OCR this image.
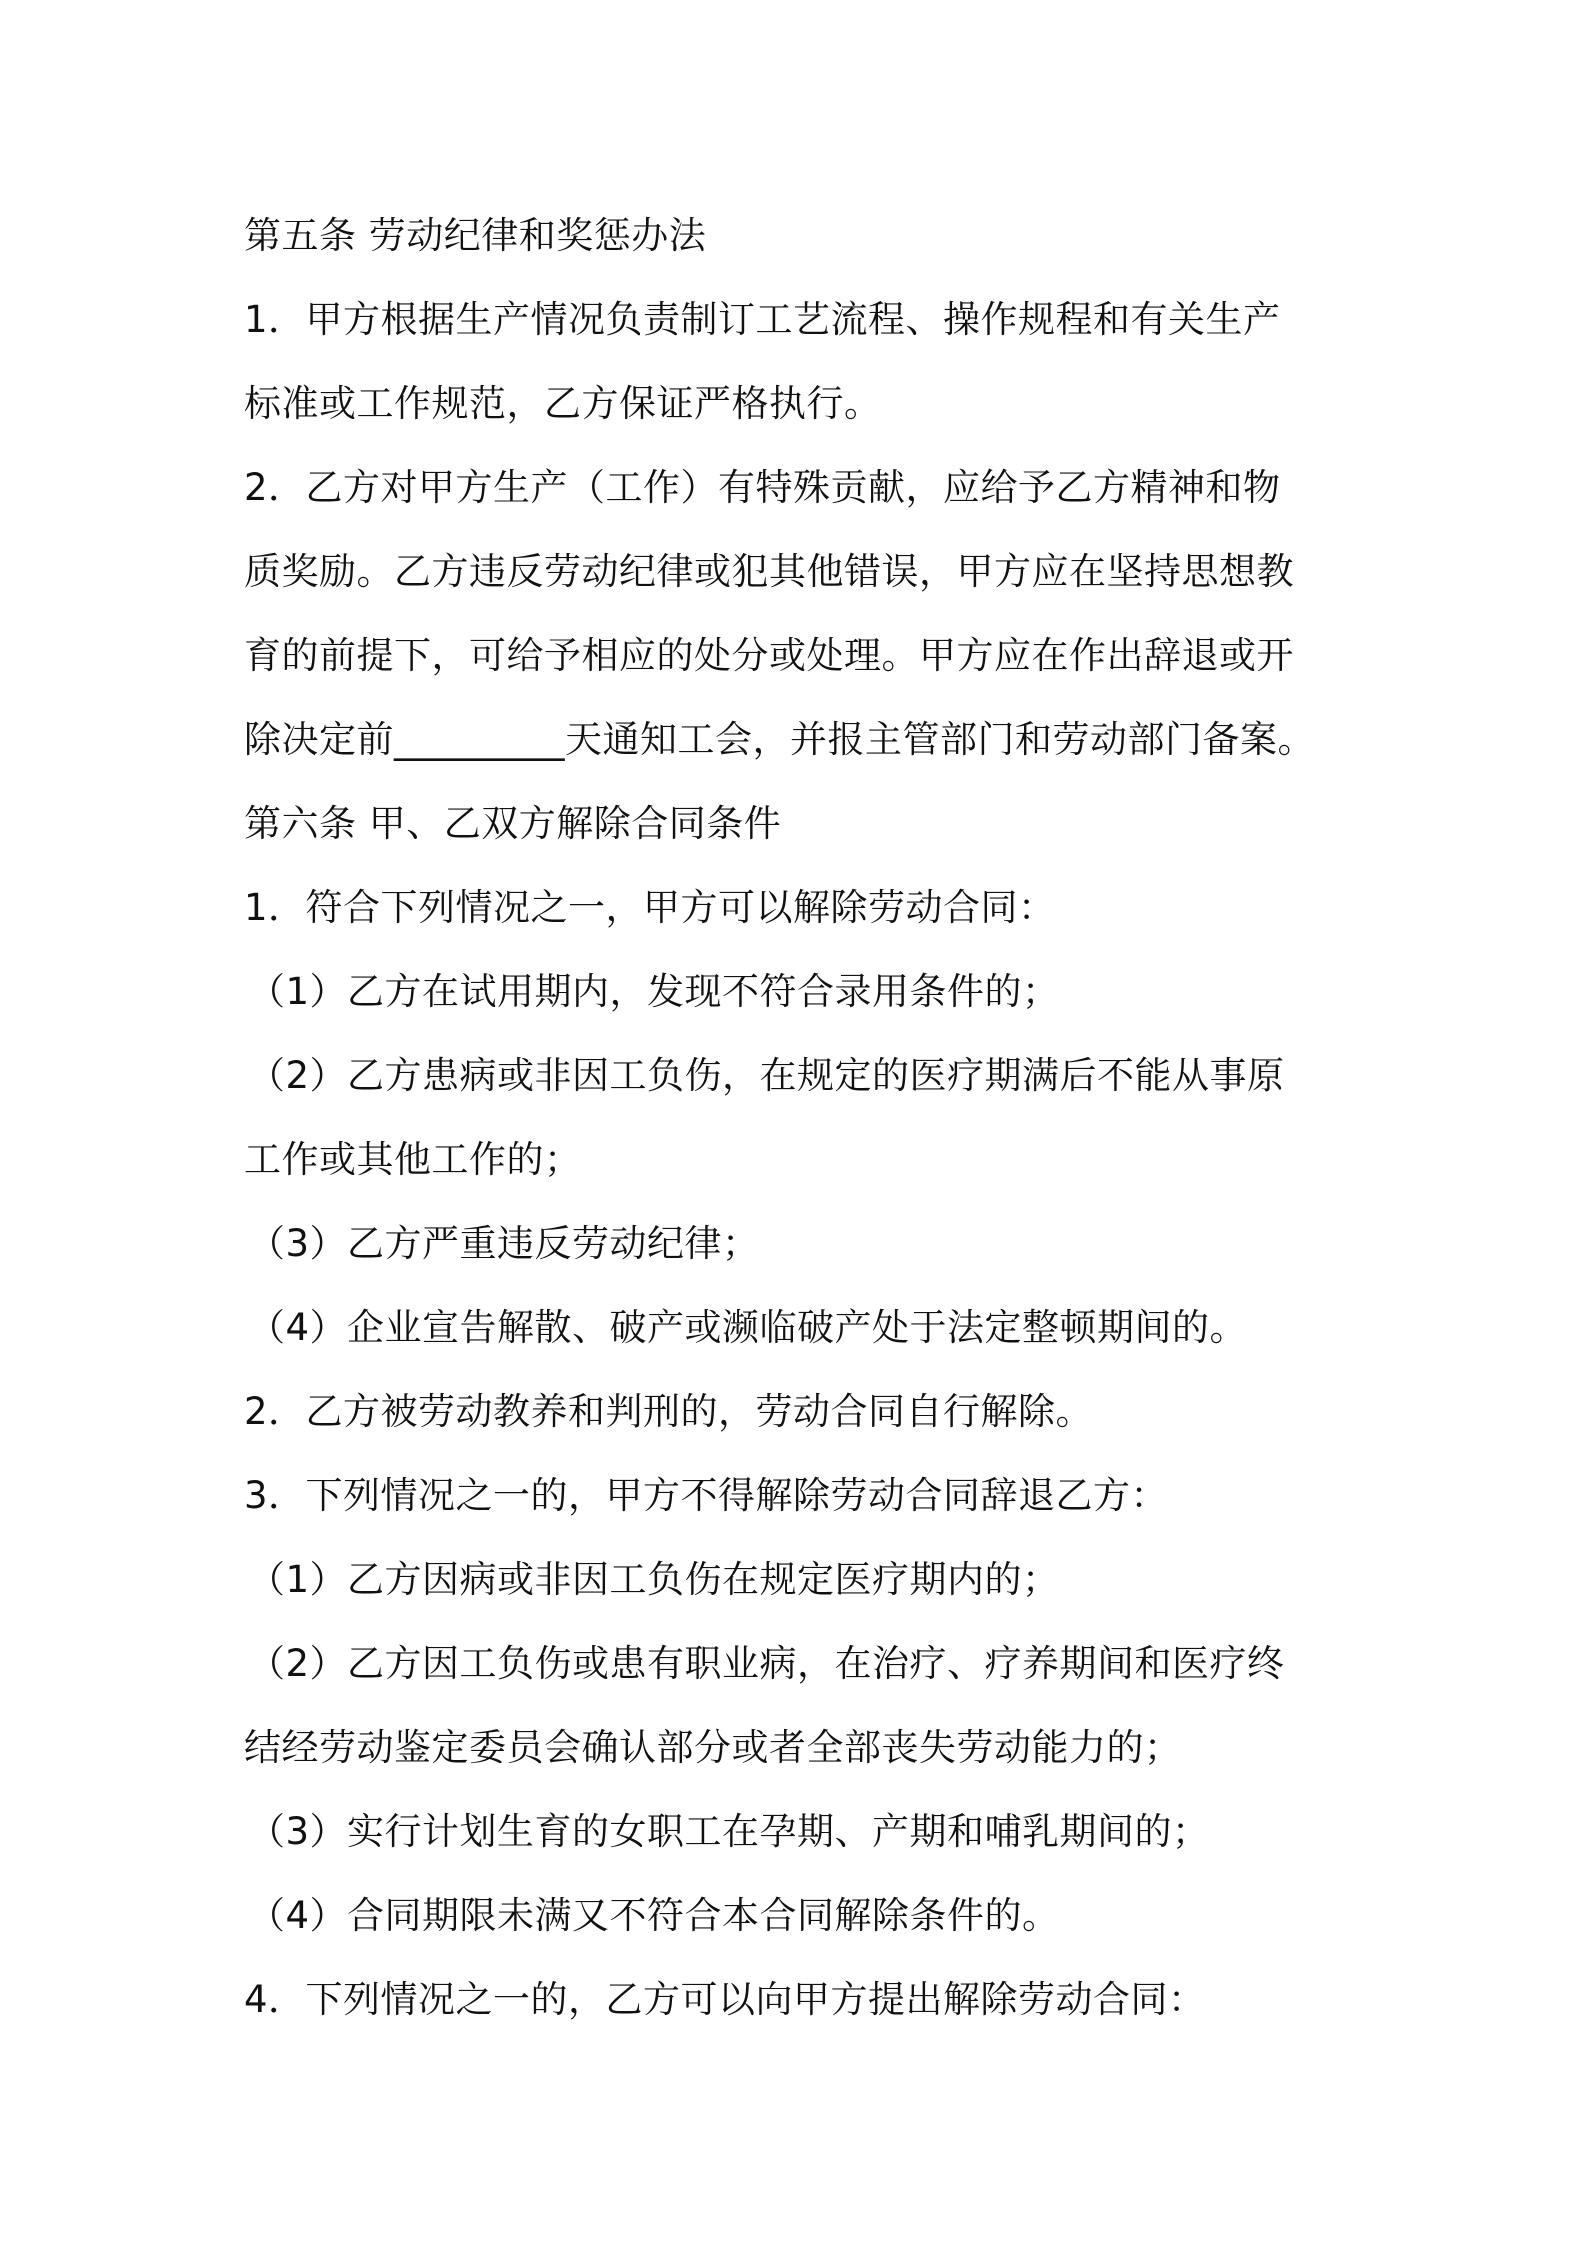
第五条 劳动纪律和奖惩办法
1．甲方根据生产情况负责制订工艺流程、操作规程和有关生产
标准或工作规范，乙方保证严格执行。
2．乙方对甲方生产（工作）有特殊贡献，应给予乙方精神和物
质奖励。乙方违反劳动纪律或犯其他错误，甲方应在坚持思想教
育的前提下，可给予相应的处分或处理。甲方应在作出辞退或开
除决定前_________天通知工会，并报主管部门和劳动部门备案。
第六条 甲、乙双方解除合同条件
1．符合下列情况之一，甲方可以解除劳动合同：
（1）乙方在试用期内，发现不符合录用条件的；
（2）乙方患病或非因工负伤，在规定的医疗期满后不能从事原
工作或其他工作的；
（3）乙方严重违反劳动纪律；
（4）企业宣告解散、破产或濒临破产处于法定整顿期间的。
2．乙方被劳动教养和判刑的，劳动合同自行解除。
3．下列情况之一的，甲方不得解除劳动合同辞退乙方：
（1）乙方因病或非因工负伤在规定医疗期内的；
（2）乙方因工负伤或患有职业病，在治疗、疗养期间和医疗终
结经劳动鉴定委员会确认部分或者全部丧失劳动能力的；
（3）实行计划生育的女职工在孕期、产期和哺乳期间的；
（4）合同期限未满又不符合本合同解除条件的。
4．下列情况之一的，乙方可以向甲方提出解除劳动合同：
